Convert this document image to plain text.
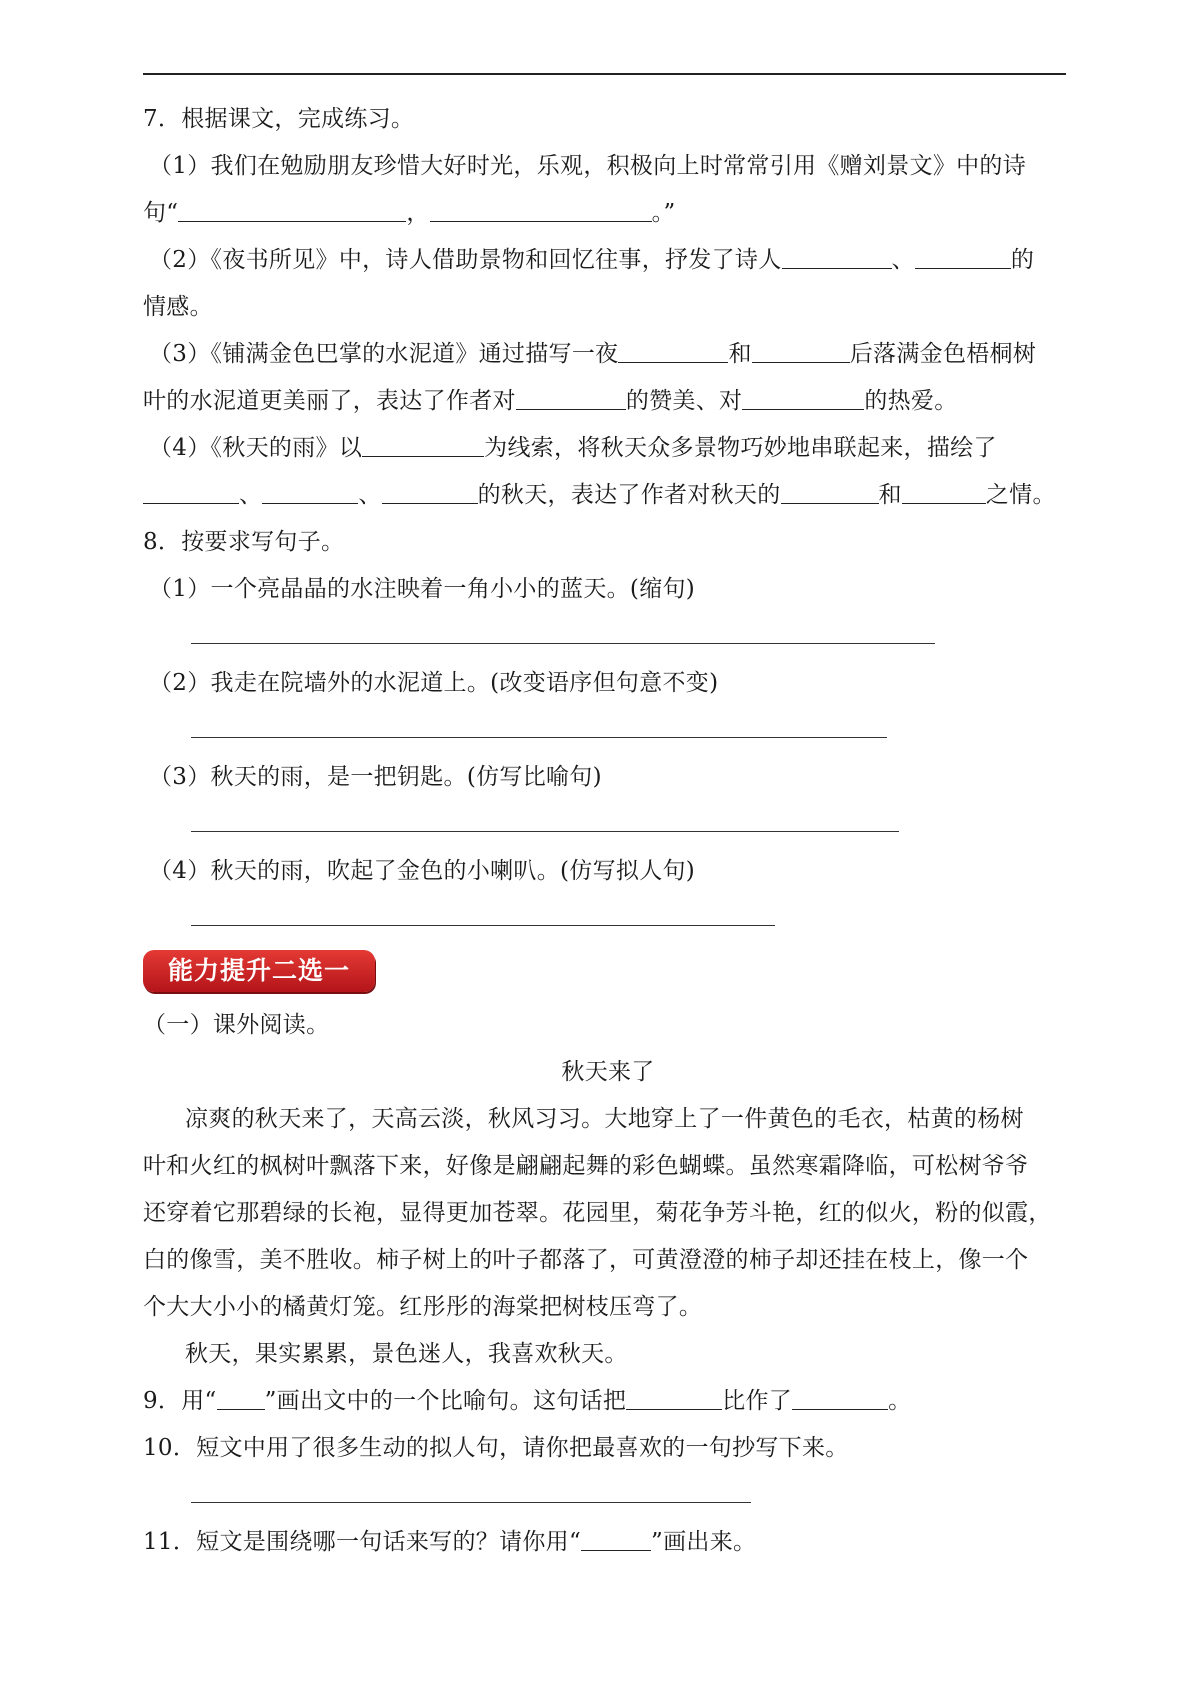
7．根据课文，完成练习。
（1）我们在勉励朋友珍惜大好时光，乐观，积极向上时常常引用《赠刘景文》中的诗
句“	，	。”
（2）《夜书所见》中，诗人借助景物和回忆往事，抒发了诗人	、	的
情感。
（3）《铺满金色巴掌的水泥道》通过描写一夜	和	后落满金色梧桐树
叶的水泥道更美丽了，表达了作者对	的赞美、对	的热爱。
（4）《秋天的雨》以	为线索，将秋天众多景物巧妙地串联起来，描绘了
、	、	的秋天，表达了作者对秋天的	和	之情。
8．按要求写句子。
（1）一个亮晶晶的水注映着一角小小的蓝天。(缩句)
（2）我走在院墙外的水泥道上。(改变语序但句意不变)
（3）秋天的雨，是一把钥匙。(仿写比喻句)
（4）秋天的雨，吹起了金色的小喇叭。(仿写拟人句)
能力提升二选一
（一）课外阅读。
秋天来了
凉爽的秋天来了，天高云淡，秋风习习。大地穿上了一件黄色的毛衣，枯黄的杨树
叶和火红的枫树叶飘落下来，好像是翩翩起舞的彩色蝴蝶。虽然寒霜降临，可松树爷爷
还穿着它那碧绿的长袍，显得更加苍翠。花园里，菊花争芳斗艳，红的似火，粉的似霞，
白的像雪，美不胜收。柿子树上的叶子都落了，可黄澄澄的柿子却还挂在枝上，像一个
个大大小小的橘黄灯笼。红彤彤的海棠把树枝压弯了。
秋天，果实累累，景色迷人，我喜欢秋天。
9．用“ ”画出文中的一个比喻句。这句话把	比作了	。
10．短文中用了很多生动的拟人句，请你把最喜欢的一句抄写下来。
11．短文是围绕哪一句话来写的？请你用“	”画出来。
